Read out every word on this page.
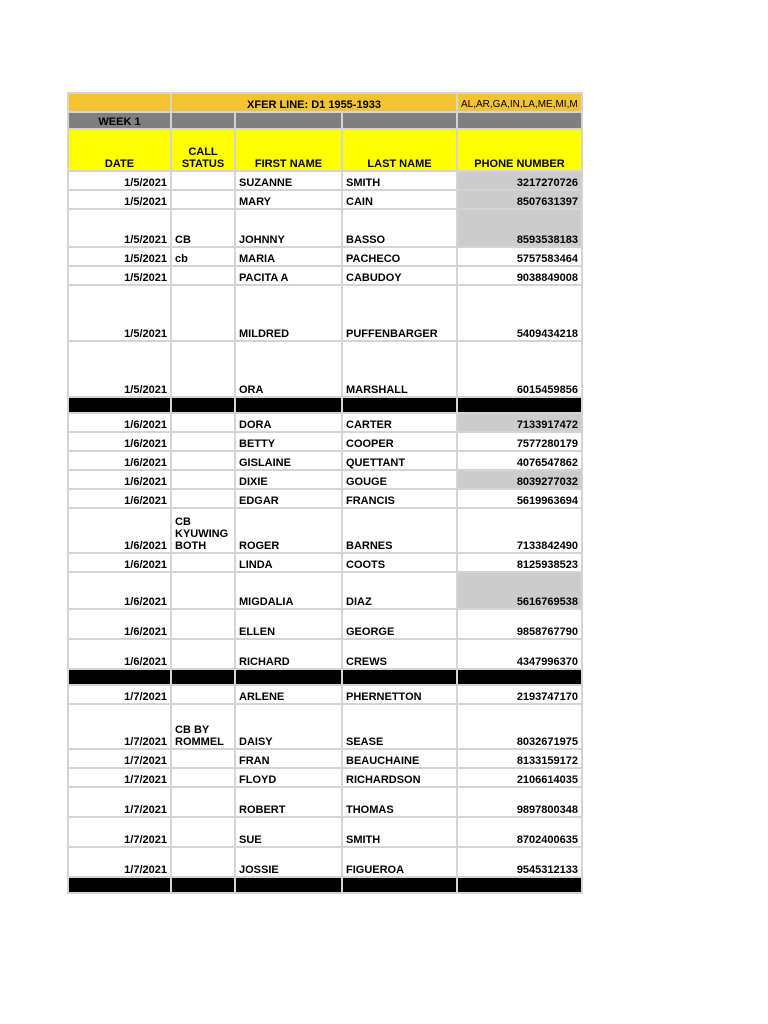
	XFER LINE: D1 1955-1933			AL,AR,GA,IN,LA,ME,MI,M
WEEK 1				
DATE	CALL STATUS	FIRST NAME	LAST NAME	PHONE NUMBER
1/5/2021		SUZANNE	SMITH	3217270726
1/5/2021		MARY	CAIN	8507631397
1/5/2021	CB	JOHNNY	BASSO	8593538183
1/5/2021	cb	MARIA	PACHECO	5757583464
1/5/2021		PACITA A	CABUDOY	9038849008
1/5/2021		MILDRED	PUFFENBARGER	5409434218
1/5/2021		ORA	MARSHALL	6015459856

1/6/2021		DORA	CARTER	7133917472
1/6/2021		BETTY	COOPER	7577280179
1/6/2021		GISLAINE	QUETTANT	4076547862
1/6/2021		DIXIE	GOUGE	8039277032
1/6/2021		EDGAR	FRANCIS	5619963694
1/6/2021	CB KYUWING BOTH	ROGER	BARNES	7133842490
1/6/2021		LINDA	COOTS	8125938523
1/6/2021		MIGDALIA	DIAZ	5616769538
1/6/2021		ELLEN	GEORGE	9858767790
1/6/2021		RICHARD	CREWS	4347996370

1/7/2021		ARLENE	PHERNETTON	2193747170
1/7/2021	CB BY ROMMEL	DAISY	SEASE	8032671975
1/7/2021		FRAN	BEAUCHAINE	8133159172
1/7/2021		FLOYD	RICHARDSON	2106614035
1/7/2021		ROBERT	THOMAS	9897800348
1/7/2021		SUE	SMITH	8702400635
1/7/2021		JOSSIE	FIGUEROA	9545312133
